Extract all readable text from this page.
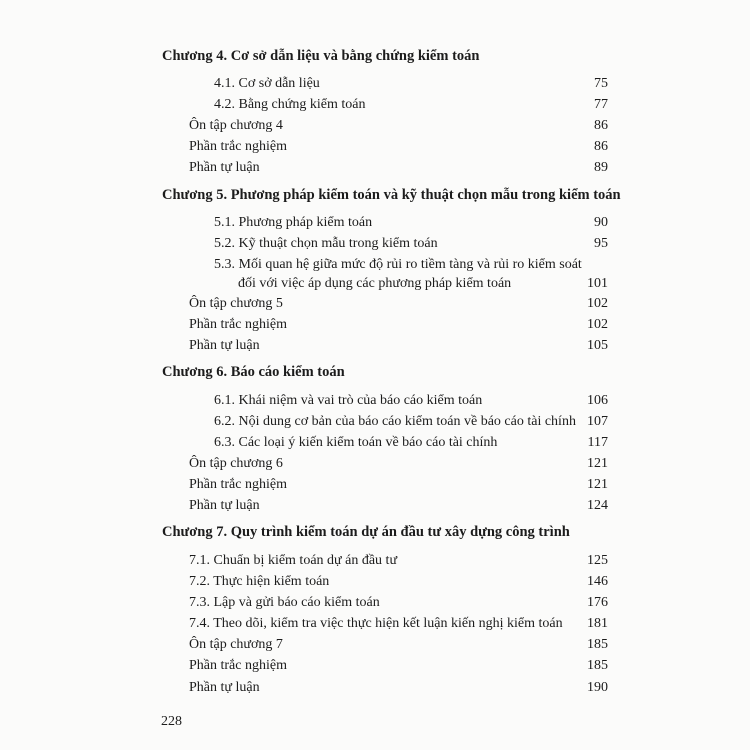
Chương 4. Cơ sở dẫn liệu và bằng chứng kiểm toán
4.1. Cơ sở dẫn liệu	75
4.2. Bằng chứng kiểm toán	77
Ôn tập chương 4	86
Phần trắc nghiệm	86
Phần tự luận	89
Chương 5. Phương pháp kiểm toán và kỹ thuật chọn mẫu trong kiểm toán
5.1. Phương pháp kiểm toán	90
5.2. Kỹ thuật chọn mẫu trong kiểm toán	95
5.3. Mối quan hệ giữa mức độ rủi ro tiềm tàng và rủi ro kiểm soát
đối với việc áp dụng các phương pháp kiểm toán	101
Ôn tập chương 5	102
Phần trắc nghiệm	102
Phần tự luận	105
Chương 6. Báo cáo kiểm toán
6.1. Khái niệm và vai trò của báo cáo kiểm toán	106
6.2. Nội dung cơ bản của báo cáo kiểm toán về báo cáo tài chính 107
6.3. Các loại ý kiến kiểm toán về báo cáo tài chính	117
Ôn tập chương 6	121
Phần trắc nghiệm	121
Phần tự luận	124
Chương 7. Quy trình kiểm toán dự án đầu tư xây dựng công trình
7.1. Chuẩn bị kiểm toán dự án đầu tư	125
7.2. Thực hiện kiểm toán	146
7.3. Lập và gửi báo cáo kiểm toán	176
7.4. Theo dõi, kiểm tra việc thực hiện kết luận kiến nghị kiểm toán 181
Ôn tập chương 7	185
Phần trắc nghiệm	185
Phần tự luận	190
228
